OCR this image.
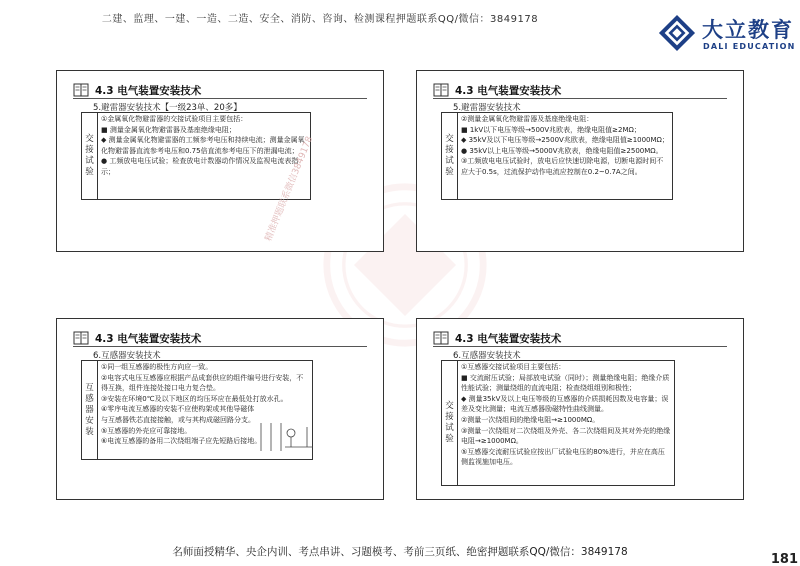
二建、监理、一建、一造、二造、安全、消防、咨询、检测课程押题联系QQ/微信：3849178	大立教育
DALI EDUCATION
4.3 电气装置安装技术
5.避雷器安装技术【一级23单、20多】
交接试验

①金属氧化物避雷器的交接试验项目主要包括：

■ 测量金属氧化物避雷器及基座绝缘电阻；

◆ 测量金属氧化物避雷器的工频参考电压和持续电流；测量金属氧化物避雷器直流参考电压和0.75倍直流参考电压下的泄漏电流；

● 工频放电电压试验；检查放电计数器动作情况及监视电流表指示；

4.3 电气装置安装技术
5.避雷器安装技术
交接试验

②测量金属氧化物避雷器及基座绝缘电阻：

■ 1kV以下电压等级→500V兆欧表，绝缘电阻值≥2MΩ；

◆ 35kV及以下电压等级→2500V兆欧表，绝缘电阻值≥1000MΩ；

● 35kV以上电压等级→5000V兆欧表，绝缘电阻值≥2500MΩ。

③工频放电电压试验时，放电后应快速切除电源，切断电源时间不应大于0.5s，过流保护动作电流应控制在0.2~0.7A之间。

4.3 电气装置安装技术
6.互感器安装技术
互感器安装

①同一组互感器的极性方向应一致。

②电容式电压互感器应根据产品成套供应的组件编号进行安装，不得互换，组件连接处接口电力复合垫。

③安装在环境0℃及以下地区的均压环应在最低处打放水孔。

④零序电流互感器的安装不应使构架或其他导磁体与互感器铁芯直接接触，或与其构成磁回路分支。

⑤互感器的外壳应可靠接地。

⑥电流互感器的备用二次绕组端子应先短路后接地。

4.3 电气装置安装技术
6.互感器安装技术
交接试验

①互感器交接试验项目主要包括：

■ 交流耐压试验；局部放电试验（同时）；测量绝缘电阻；绝缘介质性能试验；测量绕组的直流电阻；检查绕组组别和极性；

◆ 测量35kV及以上电压等级的互感器的介质损耗因数及电容量；误差及变比测量；电流互感器励磁特性曲线测量。

②测量一次绕组间的绝缘电阻→≥1000MΩ。

③测量一次绕组对二次绕组及外壳、各二次绕组间及其对外壳的绝缘电阻→≥1000MΩ。

⑤互感器交流耐压试验应按出厂试验电压的80%进行，并应在高压侧监视施加电压。

精准押题联系微信3849178
名师面授精华、央企内训、考点串讲、习题模考、考前三页纸、绝密押题联系QQ/微信：3849178	181
